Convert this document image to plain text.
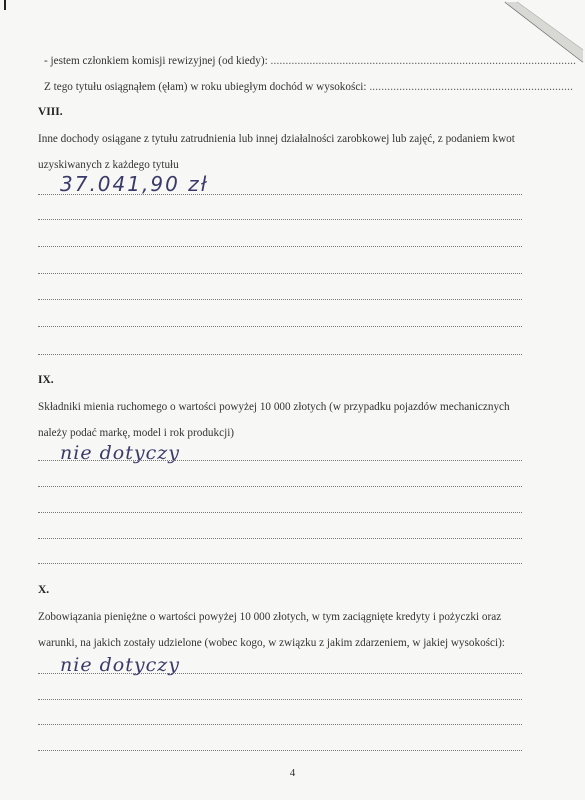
- jestem członkiem komisji rewizyjnej (od kiedy): ......................................................................................................
Z tego tytułu osiągnąłem (ęłam) w roku ubiegłym dochód w wysokości: ....................................................................
VIII.
Inne dochody osiągane z tytułu zatrudnienia lub innej działalności zarobkowej lub zajęć, z podaniem kwot
uzyskiwanych z każdego tytułu
37.041,90 zł
IX.
Składniki mienia ruchomego o wartości powyżej 10 000 złotych (w przypadku pojazdów mechanicznych
należy podać markę, model i rok produkcji)
nie dotyczy
X.
Zobowiązania pieniężne o wartości powyżej 10 000 złotych, w tym zaciągnięte kredyty i pożyczki oraz
warunki, na jakich zostały udzielone (wobec kogo, w związku z jakim zdarzeniem, w jakiej wysokości):
nie dotyczy
4
